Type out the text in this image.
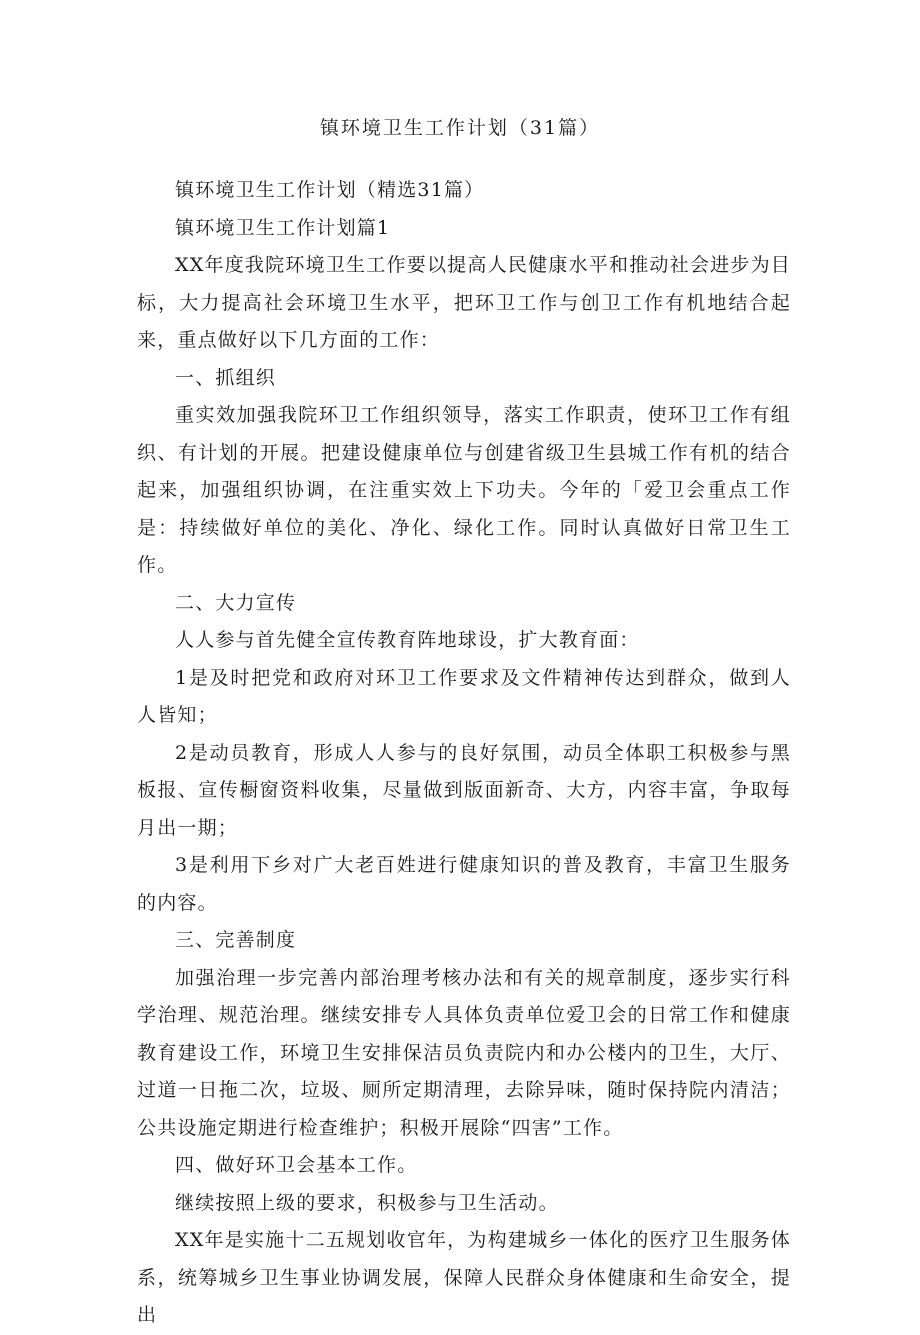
镇环境卫生工作计划（31篇）

镇环境卫生工作计划（精选31篇）

镇环境卫生工作计划篇1

XX年度我院环境卫生工作要以提高人民健康水平和推动社会进步为目标，大力提高社会环境卫生水平，把环卫工作与创卫工作有机地结合起来，重点做好以下几方面的工作：

一、抓组织

重实效加强我院环卫工作组织领导，落实工作职责，使环卫工作有组织、有计划的开展。把建设健康单位与创建省级卫生县城工作有机的结合起来，加强组织协调，在注重实效上下功夫。今年的「爱卫会重点工作是：持续做好单位的美化、净化、绿化工作。同时认真做好日常卫生工作。

二、大力宣传

人人参与首先健全宣传教育阵地球设，扩大教育面：

1是及时把党和政府对环卫工作要求及文件精神传达到群众，做到人人皆知；

2是动员教育，形成人人参与的良好氛围，动员全体职工积极参与黑板报、宣传橱窗资料收集，尽量做到版面新奇、大方，内容丰富，争取每月出一期；

3是利用下乡对广大老百姓进行健康知识的普及教育，丰富卫生服务的内容。

三、完善制度

加强治理一步完善内部治理考核办法和有关的规章制度，逐步实行科学治理、规范治理。继续安排专人具体负责单位爱卫会的日常工作和健康教育建设工作，环境卫生安排保洁员负责院内和办公楼内的卫生，大厅、过道一日拖二次，垃圾、厕所定期清理，去除异味，随时保持院内清洁；公共设施定期进行检查维护；积极开展除“四害”工作。

四、做好环卫会基本工作。

继续按照上级的要求，积极参与卫生活动。

XX年是实施十二五规划收官年，为构建城乡一体化的医疗卫生服务体系，统筹城乡卫生事业协调发展，保障人民群众身体健康和生命安全，提出
